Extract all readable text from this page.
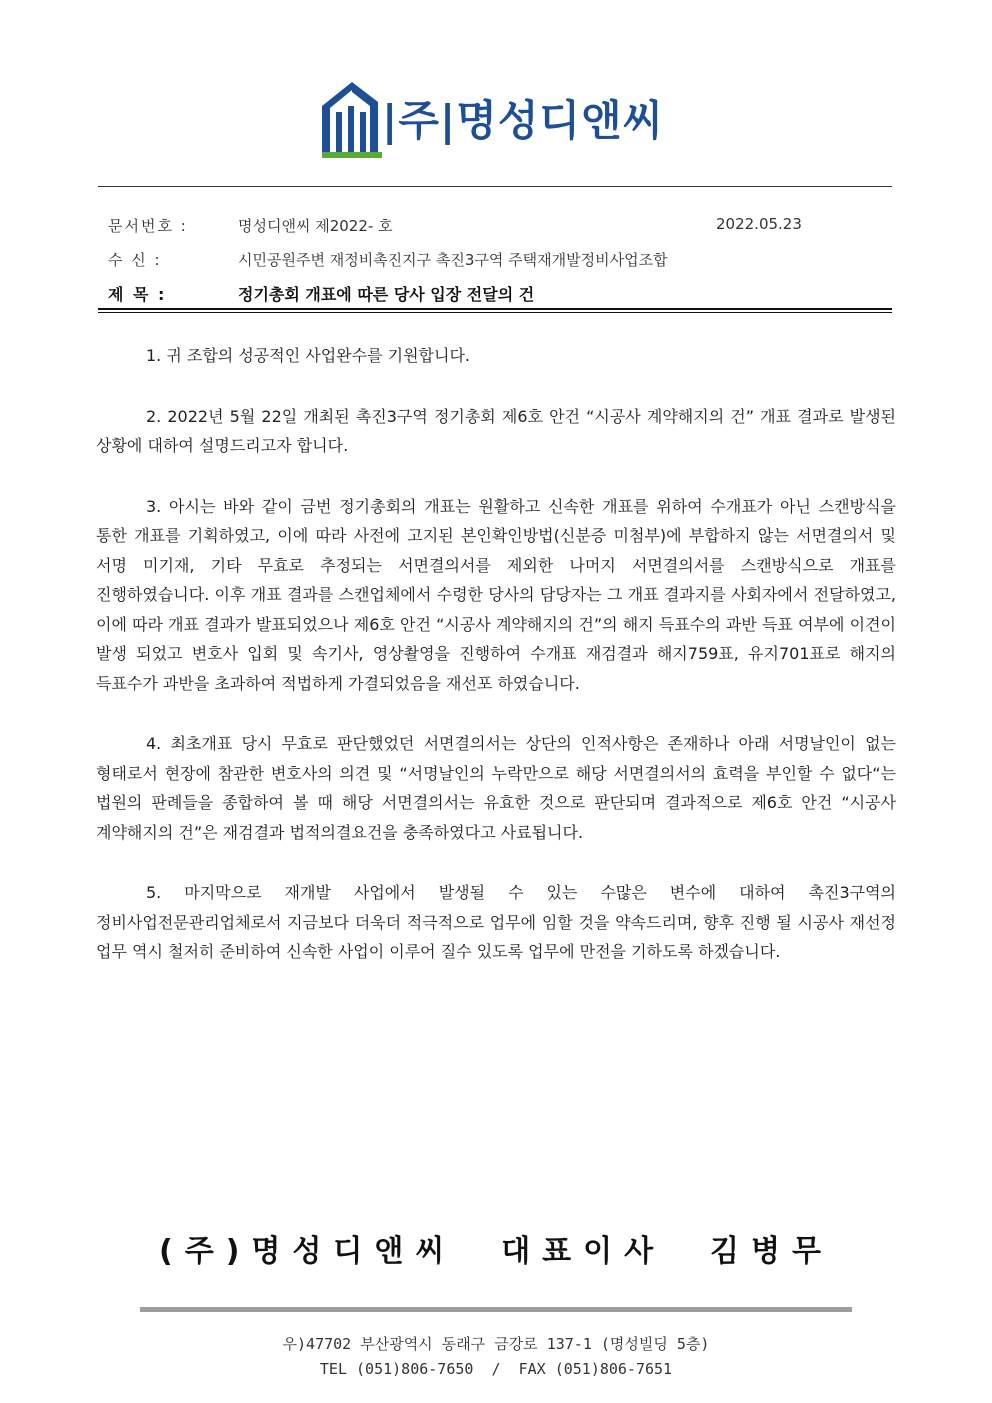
|주|명성디앤씨
문서번호 :	명성디앤씨 제2022- 호	2022.05.23
수 신 :	시민공원주변 재정비촉진지구 촉진3구역 주택재개발정비사업조합
제 목 :	정기총회 개표에 따른 당사 입장 전달의 건

1. 귀 조합의 성공적인 사업완수를 기원합니다.

2. 2022년 5월 22일 개최된 촉진3구역 정기총회 제6호 안건 “시공사 계약해지의 건” 개표 결과로 발생된 상황에 대하여 설명드리고자 합니다.

3. 아시는 바와 같이 금번 정기총회의 개표는 원활하고 신속한 개표를 위하여 수개표가 아닌 스캔방식을 통한 개표를 기획하였고, 이에 따라 사전에 고지된 본인확인방법(신분증 미첨부)에 부합하지 않는 서면결의서 및 서명 미기재, 기타 무효로 추정되는 서면결의서를 제외한 나머지 서면결의서를 스캔방식으로 개표를 진행하였습니다. 이후 개표 결과를 스캔업체에서 수령한 당사의 담당자는 그 개표 결과지를 사회자에서 전달하였고, 이에 따라 개표 결과가 발표되었으나 제6호 안건 “시공사 계약해지의 건”의 해지 득표수의 과반 득표 여부에 이견이 발생 되었고 변호사 입회 및 속기사, 영상촬영을 진행하여 수개표 재검결과 해지759표, 유지701표로 해지의 득표수가 과반을 초과하여 적법하게 가결되었음을 재선포 하였습니다.

4. 최초개표 당시 무효로 판단했었던 서면결의서는 상단의 인적사항은 존재하나 아래 서명날인이 없는 형태로서 현장에 참관한 변호사의 의견 및 “서명날인의 누락만으로 해당 서면결의서의 효력을 부인할 수 없다“는 법원의 판례들을 종합하여 볼 때 해당 서면결의서는 유효한 것으로 판단되며 결과적으로 제6호 안건 “시공사 계약해지의 건”은 재검결과 법적의결요건을 충족하였다고 사료됩니다.

5. 마지막으로 재개발 사업에서 발생될 수 있는 수많은 변수에 대하여 촉진3구역의 정비사업전문관리업체로서 지금보다 더욱더 적극적으로 업무에 임할 것을 약속드리며, 향후 진행 될 시공사 재선정 업무 역시 철저히 준비하여 신속한 사업이 이루어 질수 있도록 업무에 만전을 기하도록 하겠습니다.

(주)명성디앤씨  대표이사  김병무
우)47702 부산광역시 동래구 금강로 137-1 (명성빌딩 5층)
TEL (051)806-7650  /  FAX (051)806-7651
